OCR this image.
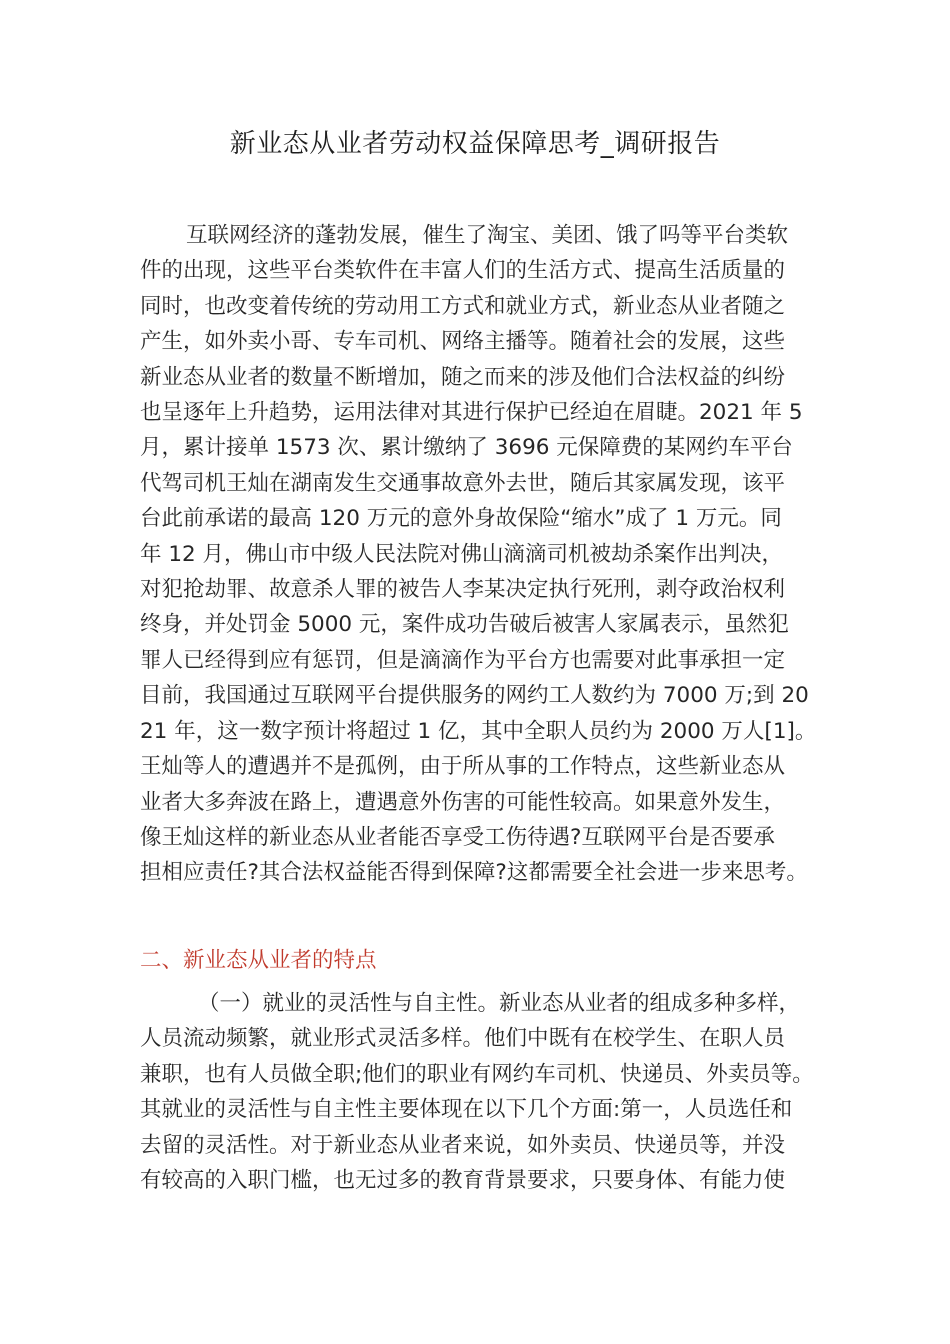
新业态从业者劳动权益保障思考_调研报告
互联网经济的蓬勃发展，催生了淘宝、美团、饿了吗等平台类软
件的出现，这些平台类软件在丰富人们的生活方式、提高生活质量的
同时，也改变着传统的劳动用工方式和就业方式，新业态从业者随之
产生，如外卖小哥、专车司机、网络主播等。随着社会的发展，这些
新业态从业者的数量不断增加，随之而来的涉及他们合法权益的纠纷
也呈逐年上升趋势，运用法律对其进行保护已经迫在眉睫。2021 年 5
月，累计接单 1573 次、累计缴纳了 3696 元保障费的某网约车平台
代驾司机王灿在湖南发生交通事故意外去世，随后其家属发现，该平
台此前承诺的最高 120 万元的意外身故保险“缩水”成了 1 万元。同
年 12 月，佛山市中级人民法院对佛山滴滴司机被劫杀案作出判决，
对犯抢劫罪、故意杀人罪的被告人李某决定执行死刑，剥夺政治权利
终身，并处罚金 5000 元，案件成功告破后被害人家属表示，虽然犯
罪人已经得到应有惩罚，但是滴滴作为平台方也需要对此事承担一定
目前，我国通过互联网平台提供服务的网约工人数约为 7000 万;到 20
21 年，这一数字预计将超过 1 亿，其中全职人员约为 2000 万人[1]。
王灿等人的遭遇并不是孤例，由于所从事的工作特点，这些新业态从
业者大多奔波在路上，遭遇意外伤害的可能性较高。如果意外发生，
像王灿这样的新业态从业者能否享受工伤待遇?互联网平台是否要承
担相应责任?其合法权益能否得到保障?这都需要全社会进一步来思考。
二、新业态从业者的特点
（一）就业的灵活性与自主性。新业态从业者的组成多种多样，
人员流动频繁，就业形式灵活多样。他们中既有在校学生、在职人员
兼职，也有人员做全职;他们的职业有网约车司机、快递员、外卖员等。
其就业的灵活性与自主性主要体现在以下几个方面:第一，人员选任和
去留的灵活性。对于新业态从业者来说，如外卖员、快递员等，并没
有较高的入职门槛，也无过多的教育背景要求，只要身体、有能力使
